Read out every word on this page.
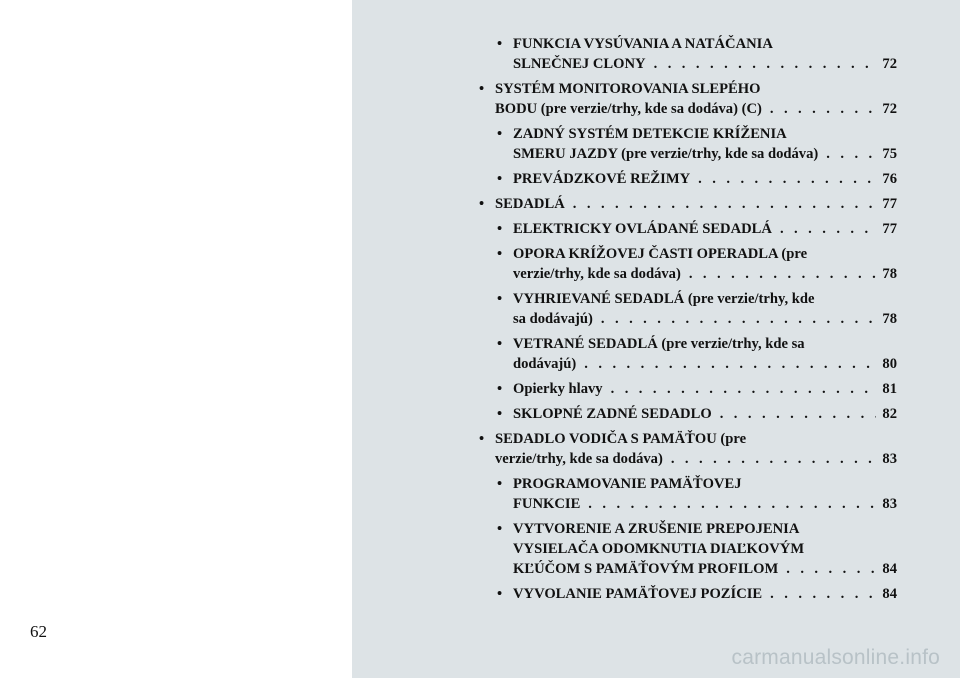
62
• FUNKCIA VYSÚVANIA A NATÁČANIA
SLNEČNEJ CLONY . . .	72
• SYSTÉM MONITOROVANIA SLEPÉHO
BODU (pre verzie/trhy, kde sa dodáva) (C) . . .	72
• ZADNÝ SYSTÉM DETEKCIE KRÍŽENIA
SMERU JAZDY (pre verzie/trhy, kde sa dodáva) . . .	75
• PREVÁDZKOVÉ REŽIMY . . .	76
• SEDADLÁ . . .	77
• ELEKTRICKY OVLÁDANÉ SEDADLÁ . . .	77
• OPORA KRÍŽOVEJ ČASTI OPERADLA (pre
verzie/trhy, kde sa dodáva) . . .	78
• VYHRIEVANÉ SEDADLÁ (pre verzie/trhy, kde
sa dodávajú) . . .	78
• VETRANÉ SEDADLÁ (pre verzie/trhy, kde sa
dodávajú) . . .	80
• Opierky hlavy . . .	81
• SKLOPNÉ ZADNÉ SEDADLO . . .	82
• SEDADLO VODIČA S PAMÄŤOU (pre
verzie/trhy, kde sa dodáva) . . .	83
• PROGRAMOVANIE PAMÄŤOVEJ
FUNKCIE . . .	83
• VYTVORENIE A ZRUŠENIE PREPOJENIA
VYSIELAČA ODOMKNUTIA DIAĽKOVÝM
KĽÚČOM S PAMÄŤOVÝM PROFILOM . . .	84
• VYVOLANIE PAMÄŤOVEJ POZÍCIE . . .	84
carmanualsonline.info
